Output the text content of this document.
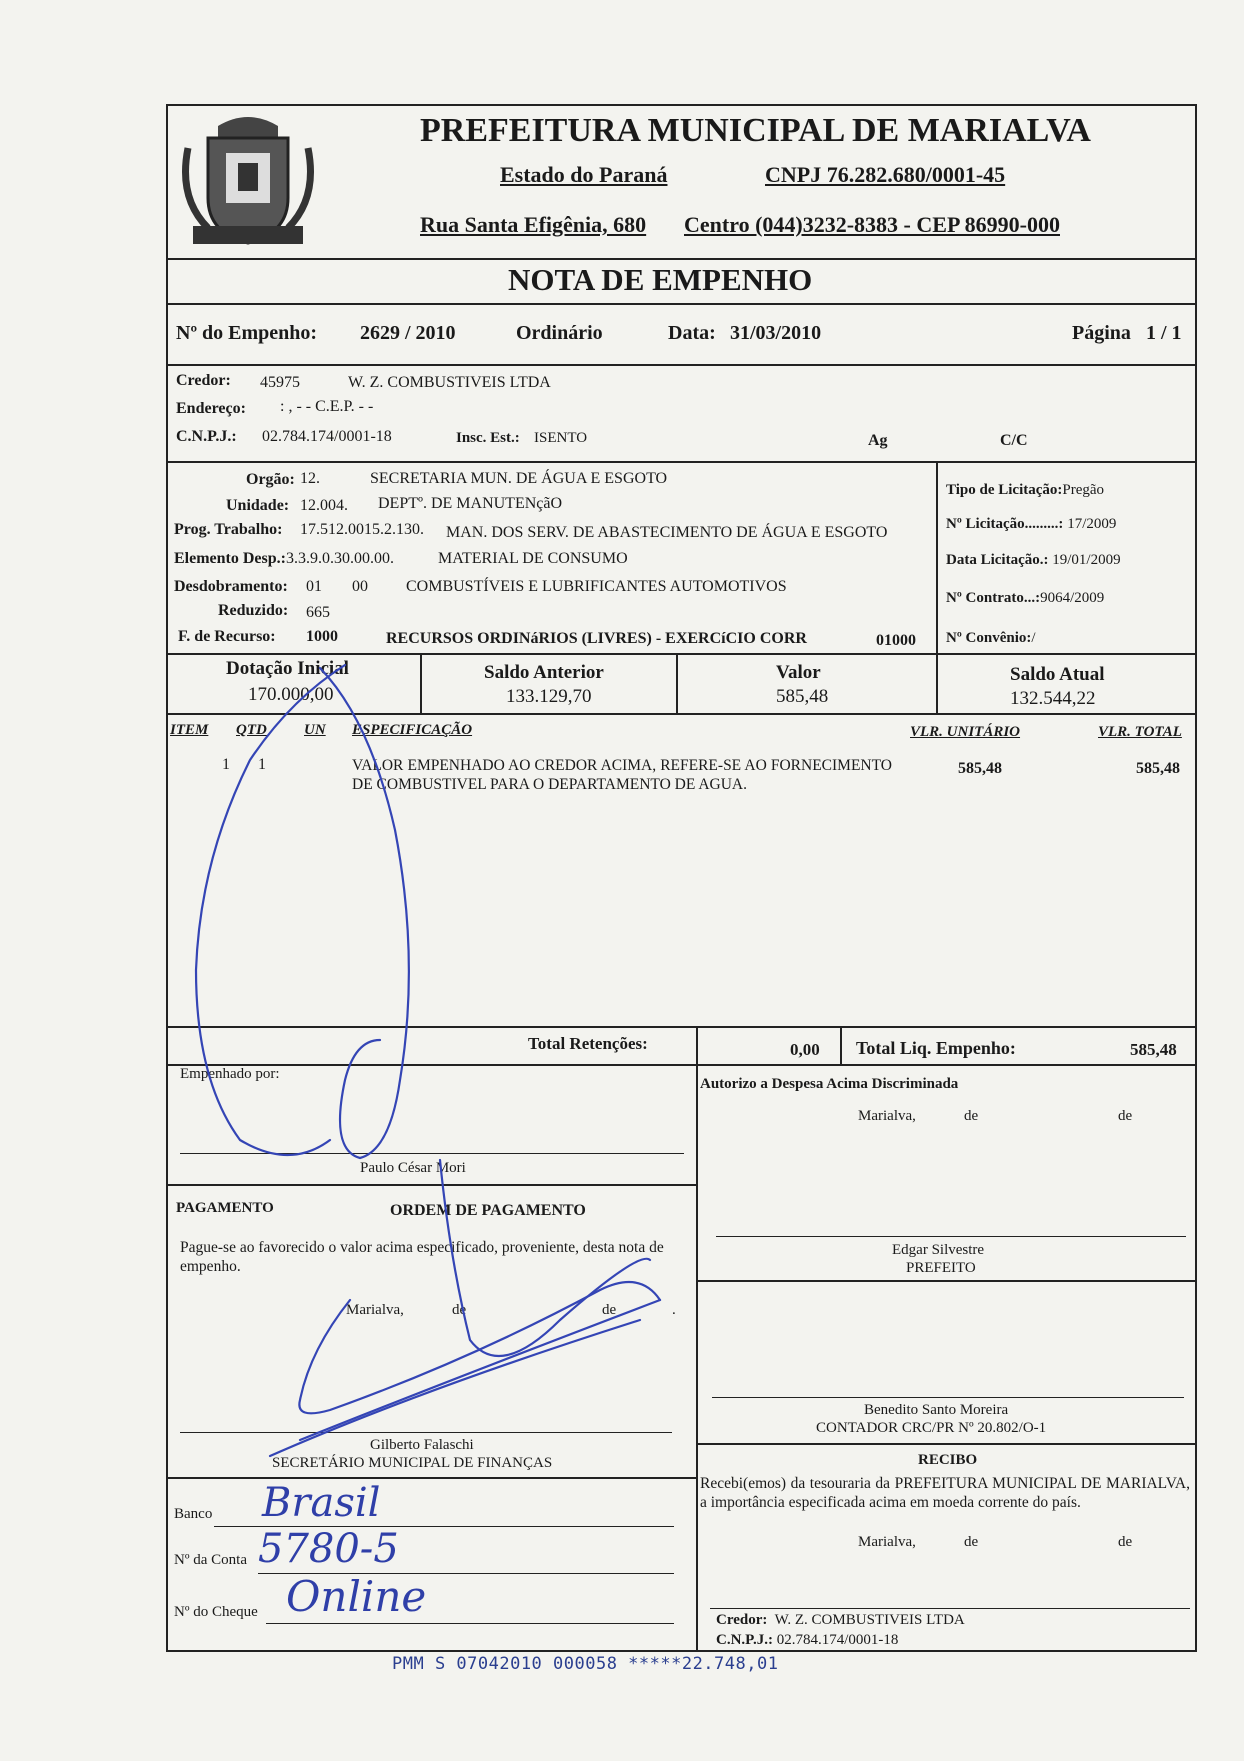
PREFEITURA MUNICIPAL DE MARIALVA
Estado do Paraná	CNPJ 76.282.680/0001-45
Rua Santa Efigênia, 680 Centro (044)3232-8383 - CEP 86990-000
NOTA DE EMPENHO
Nº do Empenho: 2629 / 2010	Ordinário	Data: 31/03/2010	Página 1 / 1
Credor: 45975	W. Z. COMBUSTIVEIS LTDA
Endereço: : , - - C.E.P. - -
C.N.P.J.: 02.784.174/0001-18	Insc. Est.: ISENTO	Ag	C/C
Orgão: 12.	SECRETARIA MUN. DE ÁGUA E ESGOTO
Unidade: 12.004. DEPTº. DE MANUTENçãO
Prog. Trabalho: 17.512.0015.2.130. MAN. DOS SERV. DE ABASTECIMENTO DE ÁGUA E ESGOTO
Elemento Desp.: 3.3.9.0.30.00.00.	MATERIAL DE CONSUMO
Desdobramento: 01 00 COMBUSTÍVEIS E LUBRIFICANTES AUTOMOTIVOS
Reduzido: 665
F. de Recurso: 1000	RECURSOS ORDINáRIOS (LIVRES) - EXERCíCIO CORR	01000
Tipo de Licitação:Pregão
Nº Licitação.........: 17/2009
Data Licitação.: 19/01/2009
Nº Contrato...:9064/2009
Nº Convênio:/
Dotação Inicial
170.000,00
Saldo Anterior
133.129,70
Valor
585,48
Saldo Atual
132.544,22
ITEM QTD UN ESPECIFICAÇÃO	VLR. UNITÁRIO	VLR. TOTAL
1 1	VALOR EMPENHADO AO CREDOR ACIMA, REFERE-SE AO FORNECIMENTO DE COMBUSTIVEL PARA O DEPARTAMENTO DE AGUA.
585,48	585,48
Total Retenções:	0,00 Total Liq. Empenho:	585,48
Empenhado por:
Paulo César Mori
Autorizo a Despesa Acima Discriminada
Marialva,	de	de
Edgar Silvestre
PREFEITO
PAGAMENTO	ORDEM DE PAGAMENTO
Pague-se ao favorecido o valor acima especificado, proveniente, desta nota de empenho.
Marialva,	de	de	.
Benedito Santo Moreira
CONTADOR CRC/PR Nº 20.802/O-1
Gilberto Falaschi
SECRETÁRIO MUNICIPAL DE FINANÇAS	RECIBO
Recebi(emos) da tesouraria da PREFEITURA MUNICIPAL DE MARIALVA, a importância especificada acima em moeda corrente do país.
Marialva,	de	de
Banco Brasil
Nº da Conta 5780-5
Nº do Cheque Online	Credor: W. Z. COMBUSTIVEIS LTDA
C.N.P.J.: 02.784.174/0001-18
PMM S 07042010 000058 *****22.748,01
